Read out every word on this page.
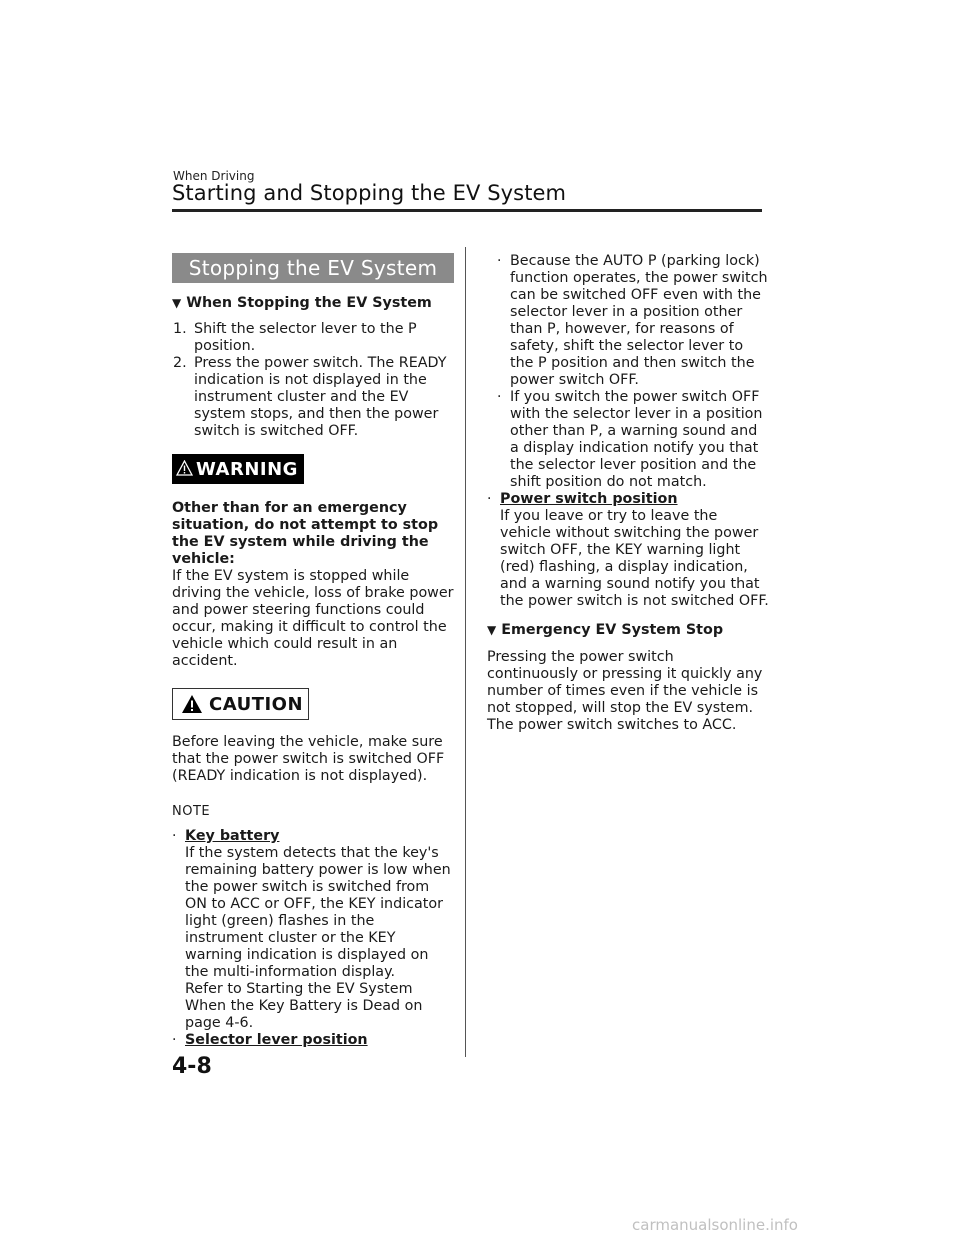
When Driving
Starting and Stopping the EV System
Stopping the EV System
▼ When Stopping the EV System
1. Shift the selector lever to the P position.
2. Press the power switch. The READY indication is not displayed in the instrument cluster and the EV system stops, and then the power switch is switched OFF.
WARNING
Other than for an emergency situation, do not attempt to stop the EV system while driving the vehicle:
If the EV system is stopped while driving the vehicle, loss of brake power and power steering functions could occur, making it difficult to control the vehicle which could result in an accident.
CAUTION
Before leaving the vehicle, make sure that the power switch is switched OFF (READY indication is not displayed).
NOTE
· Key battery
If the system detects that the key's remaining battery power is low when the power switch is switched from ON to ACC or OFF, the KEY indicator light (green) flashes in the instrument cluster or the KEY warning indication is displayed on the multi-information display.
Refer to Starting the EV System When the Key Battery is Dead on page 4-6.
· Selector lever position
· Because the AUTO P (parking lock) function operates, the power switch can be switched OFF even with the selector lever in a position other than P, however, for reasons of safety, shift the selector lever to the P position and then switch the power switch OFF.
· If you switch the power switch OFF with the selector lever in a position other than P, a warning sound and a display indication notify you that the selector lever position and the shift position do not match.
· Power switch position
If you leave or try to leave the vehicle without switching the power switch OFF, the KEY warning light (red) flashing, a display indication, and a warning sound notify you that the power switch is not switched OFF.
▼ Emergency EV System Stop
Pressing the power switch continuously or pressing it quickly any number of times even if the vehicle is not stopped, will stop the EV system. The power switch switches to ACC.
4-8
carmanualsonline.info
